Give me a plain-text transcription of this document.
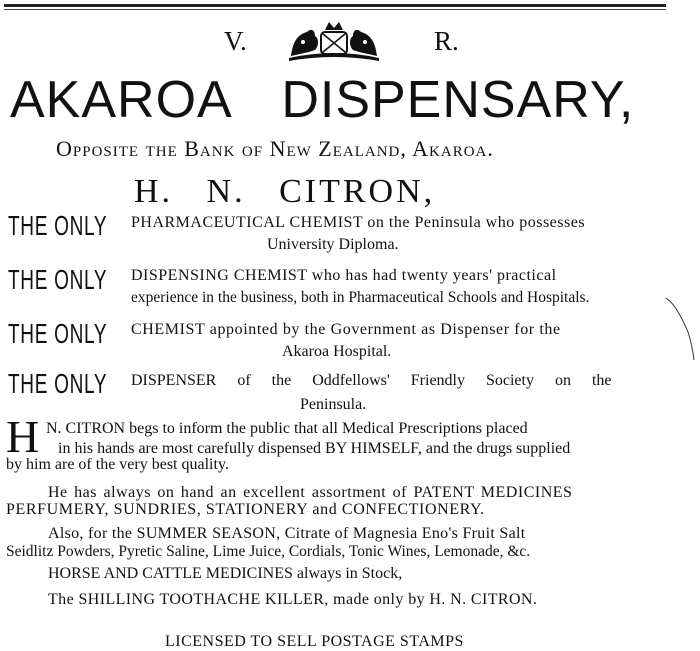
V.	R.
AKAROA DISPENSARY,
Opposite the Bank of New Zealand, Akaroa.
H. N. CITRON,
THE ONLY PHARMACEUTICAL CHEMIST on the Peninsula who possesses
University Diploma.
THE ONLY DISPENSING CHEMIST who has had twenty years' practical
experience in the business, both in Pharmaceutical Schools and Hospitals.
THE ONLY CHEMIST appointed by the Government as Dispenser for the
Akaroa Hospital.
THE ONLY DISPENSER of the Oddfellows' Friendly Society on the
Peninsula.
H N. CITRON begs to inform the public that all Medical Prescriptions placed
in his hands are most carefully dispensed BY HIMSELF, and the drugs supplied
by him are of the very best quality.
He has always on hand an excellent assortment of PATENT MEDICINES
PERFUMERY, SUNDRIES, STATIONERY and CONFECTIONERY.
Also, for the SUMMER SEASON, Citrate of Magnesia Eno's Fruit Salt
Seidlitz Powders, Pyretic Saline, Lime Juice, Cordials, Tonic Wines, Lemonade, &c.
HORSE AND CATTLE MEDICINES always in Stock,
The SHILLING TOOTHACHE KILLER, made only by H. N. CITRON.
LICENSED TO SELL POSTAGE STAMPS
